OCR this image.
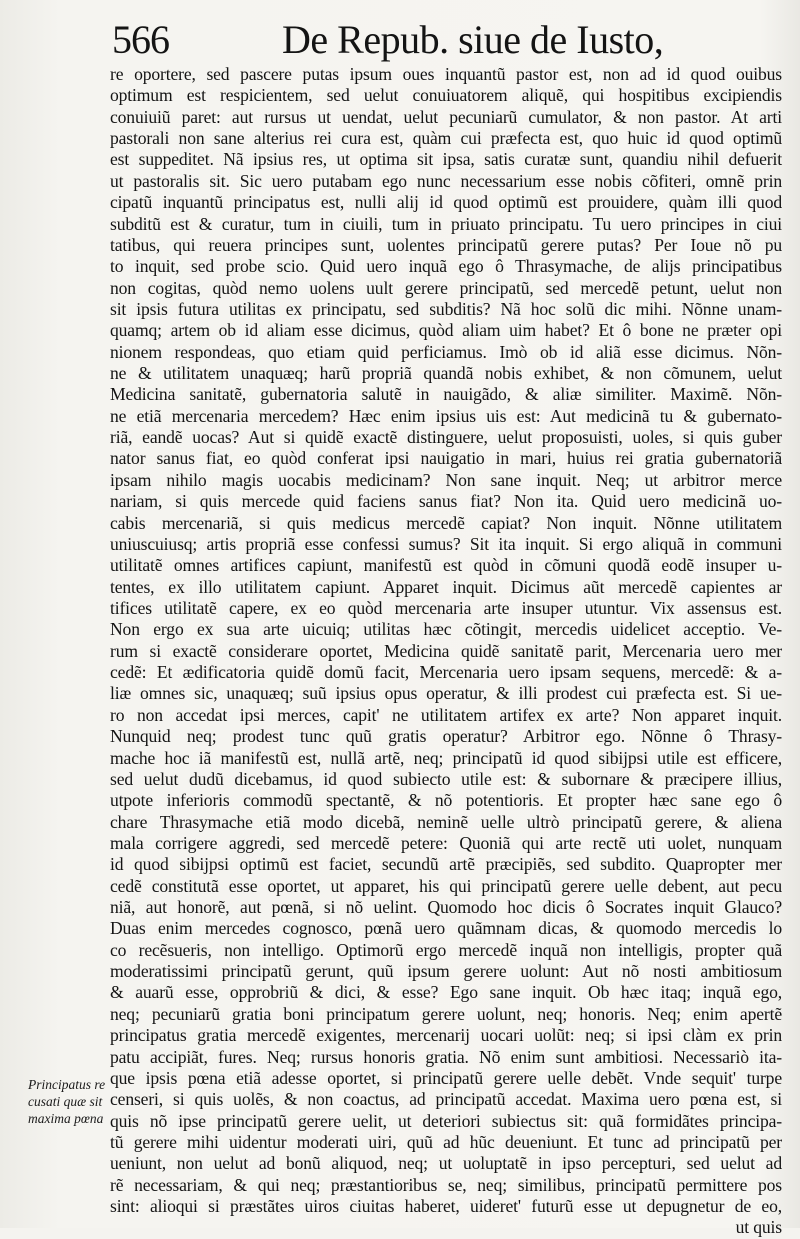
566	De Repub. siue de Iusto,
re oportere, sed pascere putas ipsum oues inquantũ pastor est, non ad id quod ouibus
optimum est respicientem, sed uelut conuiuatorem aliquẽ, qui hospitibus excipiendis
conuiuiũ paret: aut rursus ut uendat, uelut pecuniarũ cumulator, & non pastor. At arti
pastorali non sane alterius rei cura est, quàm cui præfecta est, quo huic id quod optimũ
est suppeditet. Nã ipsius res, ut optima sit ipsa, satis curatæ sunt, quandiu nihil defuerit
ut pastoralis sit. Sic uero putabam ego nunc necessarium esse nobis cõfiteri, omnẽ prin
cipatũ inquantũ principatus est, nulli alij id quod optimũ est prouidere, quàm illi quod
subditũ est & curatur, tum in ciuili, tum in priuato principatu. Tu uero principes in ciui
tatibus, qui reuera principes sunt, uolentes principatũ gerere putas? Per Ioue nõ pu
to inquit, sed probe scio. Quid uero inquã ego ô Thrasymache, de alijs principatibus
non cogitas, quòd nemo uolens uult gerere principatũ, sed mercedẽ petunt, uelut non
sit ipsis futura utilitas ex principatu, sed subditis? Nã hoc solũ dic mihi. Nõnne unam-
quamq; artem ob id aliam esse dicimus, quòd aliam uim habet? Et ô bone ne præter opi
nionem respondeas, quo etiam quid perficiamus. Imò ob id aliã esse dicimus. Nõn-
ne & utilitatem unaquæq; harũ propriã quandã nobis exhibet, & non cõmunem, uelut
Medicina sanitatẽ, gubernatoria salutẽ in nauigãdo, & aliæ similiter. Maximẽ. Nõn-
ne etiã mercenaria mercedem? Hæc enim ipsius uis est: Aut medicinã tu & gubernato-
riã, eandẽ uocas? Aut si quidẽ exactẽ distinguere, uelut proposuisti, uoles, si quis guber
nator sanus fiat, eo quòd conferat ipsi nauigatio in mari, huius rei gratia gubernatoriã
ipsam nihilo magis uocabis medicinam? Non sane inquit. Neq; ut arbitror merce
nariam, si quis mercede quid faciens sanus fiat? Non ita. Quid uero medicinã uo-
cabis mercenariã, si quis medicus mercedẽ capiat? Non inquit. Nõnne utilitatem
uniuscuiusq; artis propriã esse confessi sumus? Sit ita inquit. Si ergo aliquã in communi
utilitatẽ omnes artifices capiunt, manifestũ est quòd in cõmuni quodã eodẽ insuper u-
tentes, ex illo utilitatem capiunt. Apparet inquit. Dicimus aũt mercedẽ capientes ar
tifices utilitatẽ capere, ex eo quòd mercenaria arte insuper utuntur. Vix assensus est.
Non ergo ex sua arte uicuiq; utilitas hæc cõtingit, mercedis uidelicet acceptio. Ve-
rum si exactẽ considerare oportet, Medicina quidẽ sanitatẽ parit, Mercenaria uero mer
cedẽ: Et ædificatoria quidẽ domũ facit, Mercenaria uero ipsam sequens, mercedẽ: & a-
liæ omnes sic, unaquæq; suũ ipsius opus operatur, & illi prodest cui præfecta est. Si ue-
ro non accedat ipsi merces, capit' ne utilitatem artifex ex arte? Non apparet inquit.
Nunquid neq; prodest tunc quũ gratis operatur? Arbitror ego. Nõnne ô Thrasy-
mache hoc iã manifestũ est, nullã artẽ, neq; principatũ id quod sibijpsi utile est efficere,
sed uelut dudũ dicebamus, id quod subiecto utile est: & subornare & præcipere illius,
utpote inferioris commodũ spectantẽ, & nõ potentioris. Et propter hæc sane ego ô
chare Thrasymache etiã modo dicebã, neminẽ uelle ultrò principatũ gerere, & aliena
mala corrigere aggredi, sed mercedẽ petere: Quoniã qui arte rectẽ uti uolet, nunquam
id quod sibijpsi optimũ est faciet, secundũ artẽ præcipiẽs, sed subdito. Quapropter mer
cedẽ constitutã esse oportet, ut apparet, his qui principatũ gerere uelle debent, aut pecu
niã, aut honorẽ, aut pœnã, si nõ uelint. Quomodo hoc dicis ô Socrates inquit Glauco?
Duas enim mercedes cognosco, pœnã uero quãmnam dicas, & quomodo mercedis lo
co recẽsueris, non intelligo. Optimorũ ergo mercedẽ inquã non intelligis, propter quã
moderatissimi principatũ gerunt, quũ ipsum gerere uolunt: Aut nõ nosti ambitiosum
& auarũ esse, opprobriũ & dici, & esse? Ego sane inquit. Ob hæc itaq; inquã ego,
neq; pecuniarũ gratia boni principatum gerere uolunt, neq; honoris. Neq; enim apertẽ
principatus gratia mercedẽ exigentes, mercenarij uocari uolũt: neq; si ipsi clàm ex prin
patu accipiãt, fures. Neq; rursus honoris gratia. Nõ enim sunt ambitiosi. Necessariò ita-
que ipsis pœna etiã adesse oportet, si principatũ gerere uelle debẽt. Vnde sequit' turpe
censeri, si quis uolẽs, & non coactus, ad principatũ accedat. Maxima uero pœna est, si
quis nõ ipse principatũ gerere uelit, ut deteriori subiectus sit: quã formidãtes principa-
tũ gerere mihi uidentur moderati uiri, quũ ad hũc deueniunt. Et tunc ad principatũ per
ueniunt, non uelut ad bonũ aliquod, neq; ut uoluptatẽ in ipso percepturi, sed uelut ad
rẽ necessariam, & qui neq; præstantioribus se, neq; similibus, principatũ permittere pos
sint: alioqui si præstãtes uiros ciuitas haberet, uideret' futurũ esse ut depugnetur de eo,
ut quis
Principatus re
cusati quæ sit
maxima pœna
